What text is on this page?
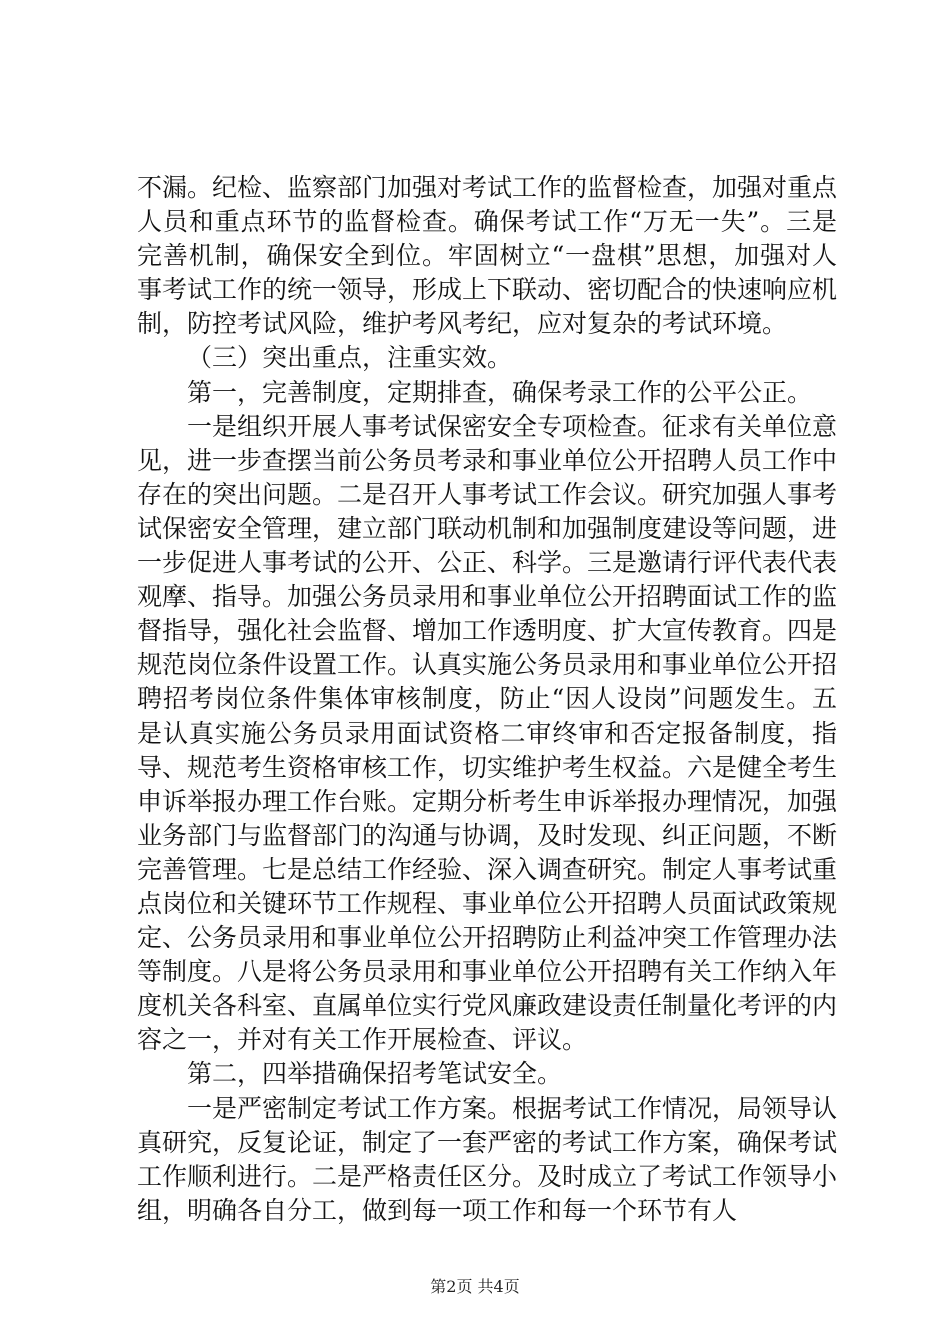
不漏。纪检、监察部门加强对考试工作的监督检查，加强对重点人员和重点环节的监督检查。确保考试工作“万无一失”。三是完善机制，确保安全到位。牢固树立“一盘棋”思想，加强对人事考试工作的统一领导，形成上下联动、密切配合的快速响应机制，防控考试风险，维护考风考纪，应对复杂的考试环境。

（三）突出重点，注重实效。

第一，完善制度，定期排查，确保考录工作的公平公正。

一是组织开展人事考试保密安全专项检查。征求有关单位意见，进一步查摆当前公务员考录和事业单位公开招聘人员工作中存在的突出问题。二是召开人事考试工作会议。研究加强人事考试保密安全管理，建立部门联动机制和加强制度建设等问题，进一步促进人事考试的公开、公正、科学。三是邀请行评代表代表观摩、指导。加强公务员录用和事业单位公开招聘面试工作的监督指导，强化社会监督、增加工作透明度、扩大宣传教育。四是规范岗位条件设置工作。认真实施公务员录用和事业单位公开招聘招考岗位条件集体审核制度，防止“因人设岗”问题发生。五是认真实施公务员录用面试资格二审终审和否定报备制度，指导、规范考生资格审核工作，切实维护考生权益。六是健全考生申诉举报办理工作台账。定期分析考生申诉举报办理情况，加强业务部门与监督部门的沟通与协调，及时发现、纠正问题，不断完善管理。七是总结工作经验、深入调查研究。制定人事考试重点岗位和关键环节工作规程、事业单位公开招聘人员面试政策规定、公务员录用和事业单位公开招聘防止利益冲突工作管理办法等制度。八是将公务员录用和事业单位公开招聘有关工作纳入年度机关各科室、直属单位实行党风廉政建设责任制量化考评的内容之一，并对有关工作开展检查、评议。

第二，四举措确保招考笔试安全。

一是严密制定考试工作方案。根据考试工作情况，局领导认真研究，反复论证，制定了一套严密的考试工作方案，确保考试工作顺利进行。二是严格责任区分。及时成立了考试工作领导小组，明确各自分工，做到每一项工作和每一个环节有人

第2页 共4页
